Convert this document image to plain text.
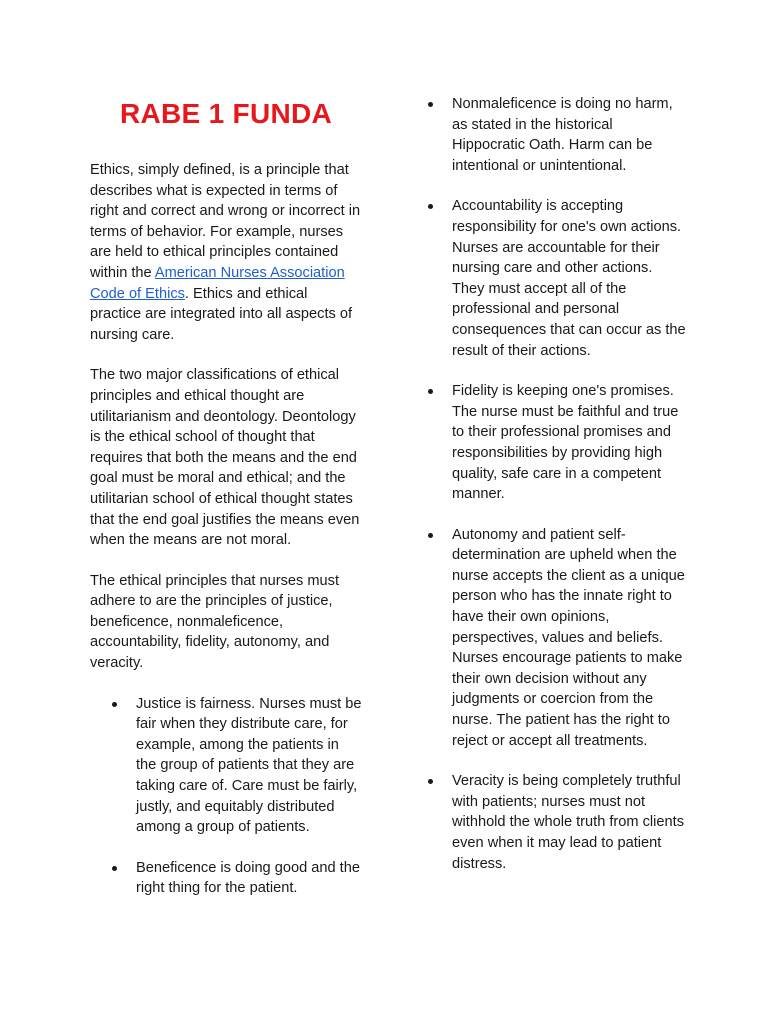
RABE 1 FUNDA

Ethics, simply defined, is a principle that describes what is expected in terms of right and correct and wrong or incorrect in terms of behavior. For example, nurses are held to ethical principles contained within the American Nurses Association Code of Ethics. Ethics and ethical practice are integrated into all aspects of nursing care.

The two major classifications of ethical principles and ethical thought are utilitarianism and deontology. Deontology is the ethical school of thought that requires that both the means and the end goal must be moral and ethical; and the utilitarian school of ethical thought states that the end goal justifies the means even when the means are not moral.

The ethical principles that nurses must adhere to are the principles of justice, beneficence, nonmaleficence, accountability, fidelity, autonomy, and veracity.

Justice is fairness. Nurses must be fair when they distribute care, for example, among the patients in the group of patients that they are taking care of. Care must be fairly, justly, and equitably distributed among a group of patients.
Beneficence is doing good and the right thing for the patient.
Nonmaleficence is doing no harm, as stated in the historical Hippocratic Oath. Harm can be intentional or unintentional.
Accountability is accepting responsibility for one's own actions. Nurses are accountable for their nursing care and other actions. They must accept all of the professional and personal consequences that can occur as the result of their actions.
Fidelity is keeping one's promises. The nurse must be faithful and true to their professional promises and responsibilities by providing high quality, safe care in a competent manner.
Autonomy and patient self-determination are upheld when the nurse accepts the client as a unique person who has the innate right to have their own opinions, perspectives, values and beliefs. Nurses encourage patients to make their own decision without any judgments or coercion from the nurse. The patient has the right to reject or accept all treatments.
Veracity is being completely truthful with patients; nurses must not withhold the whole truth from clients even when it may lead to patient distress.
